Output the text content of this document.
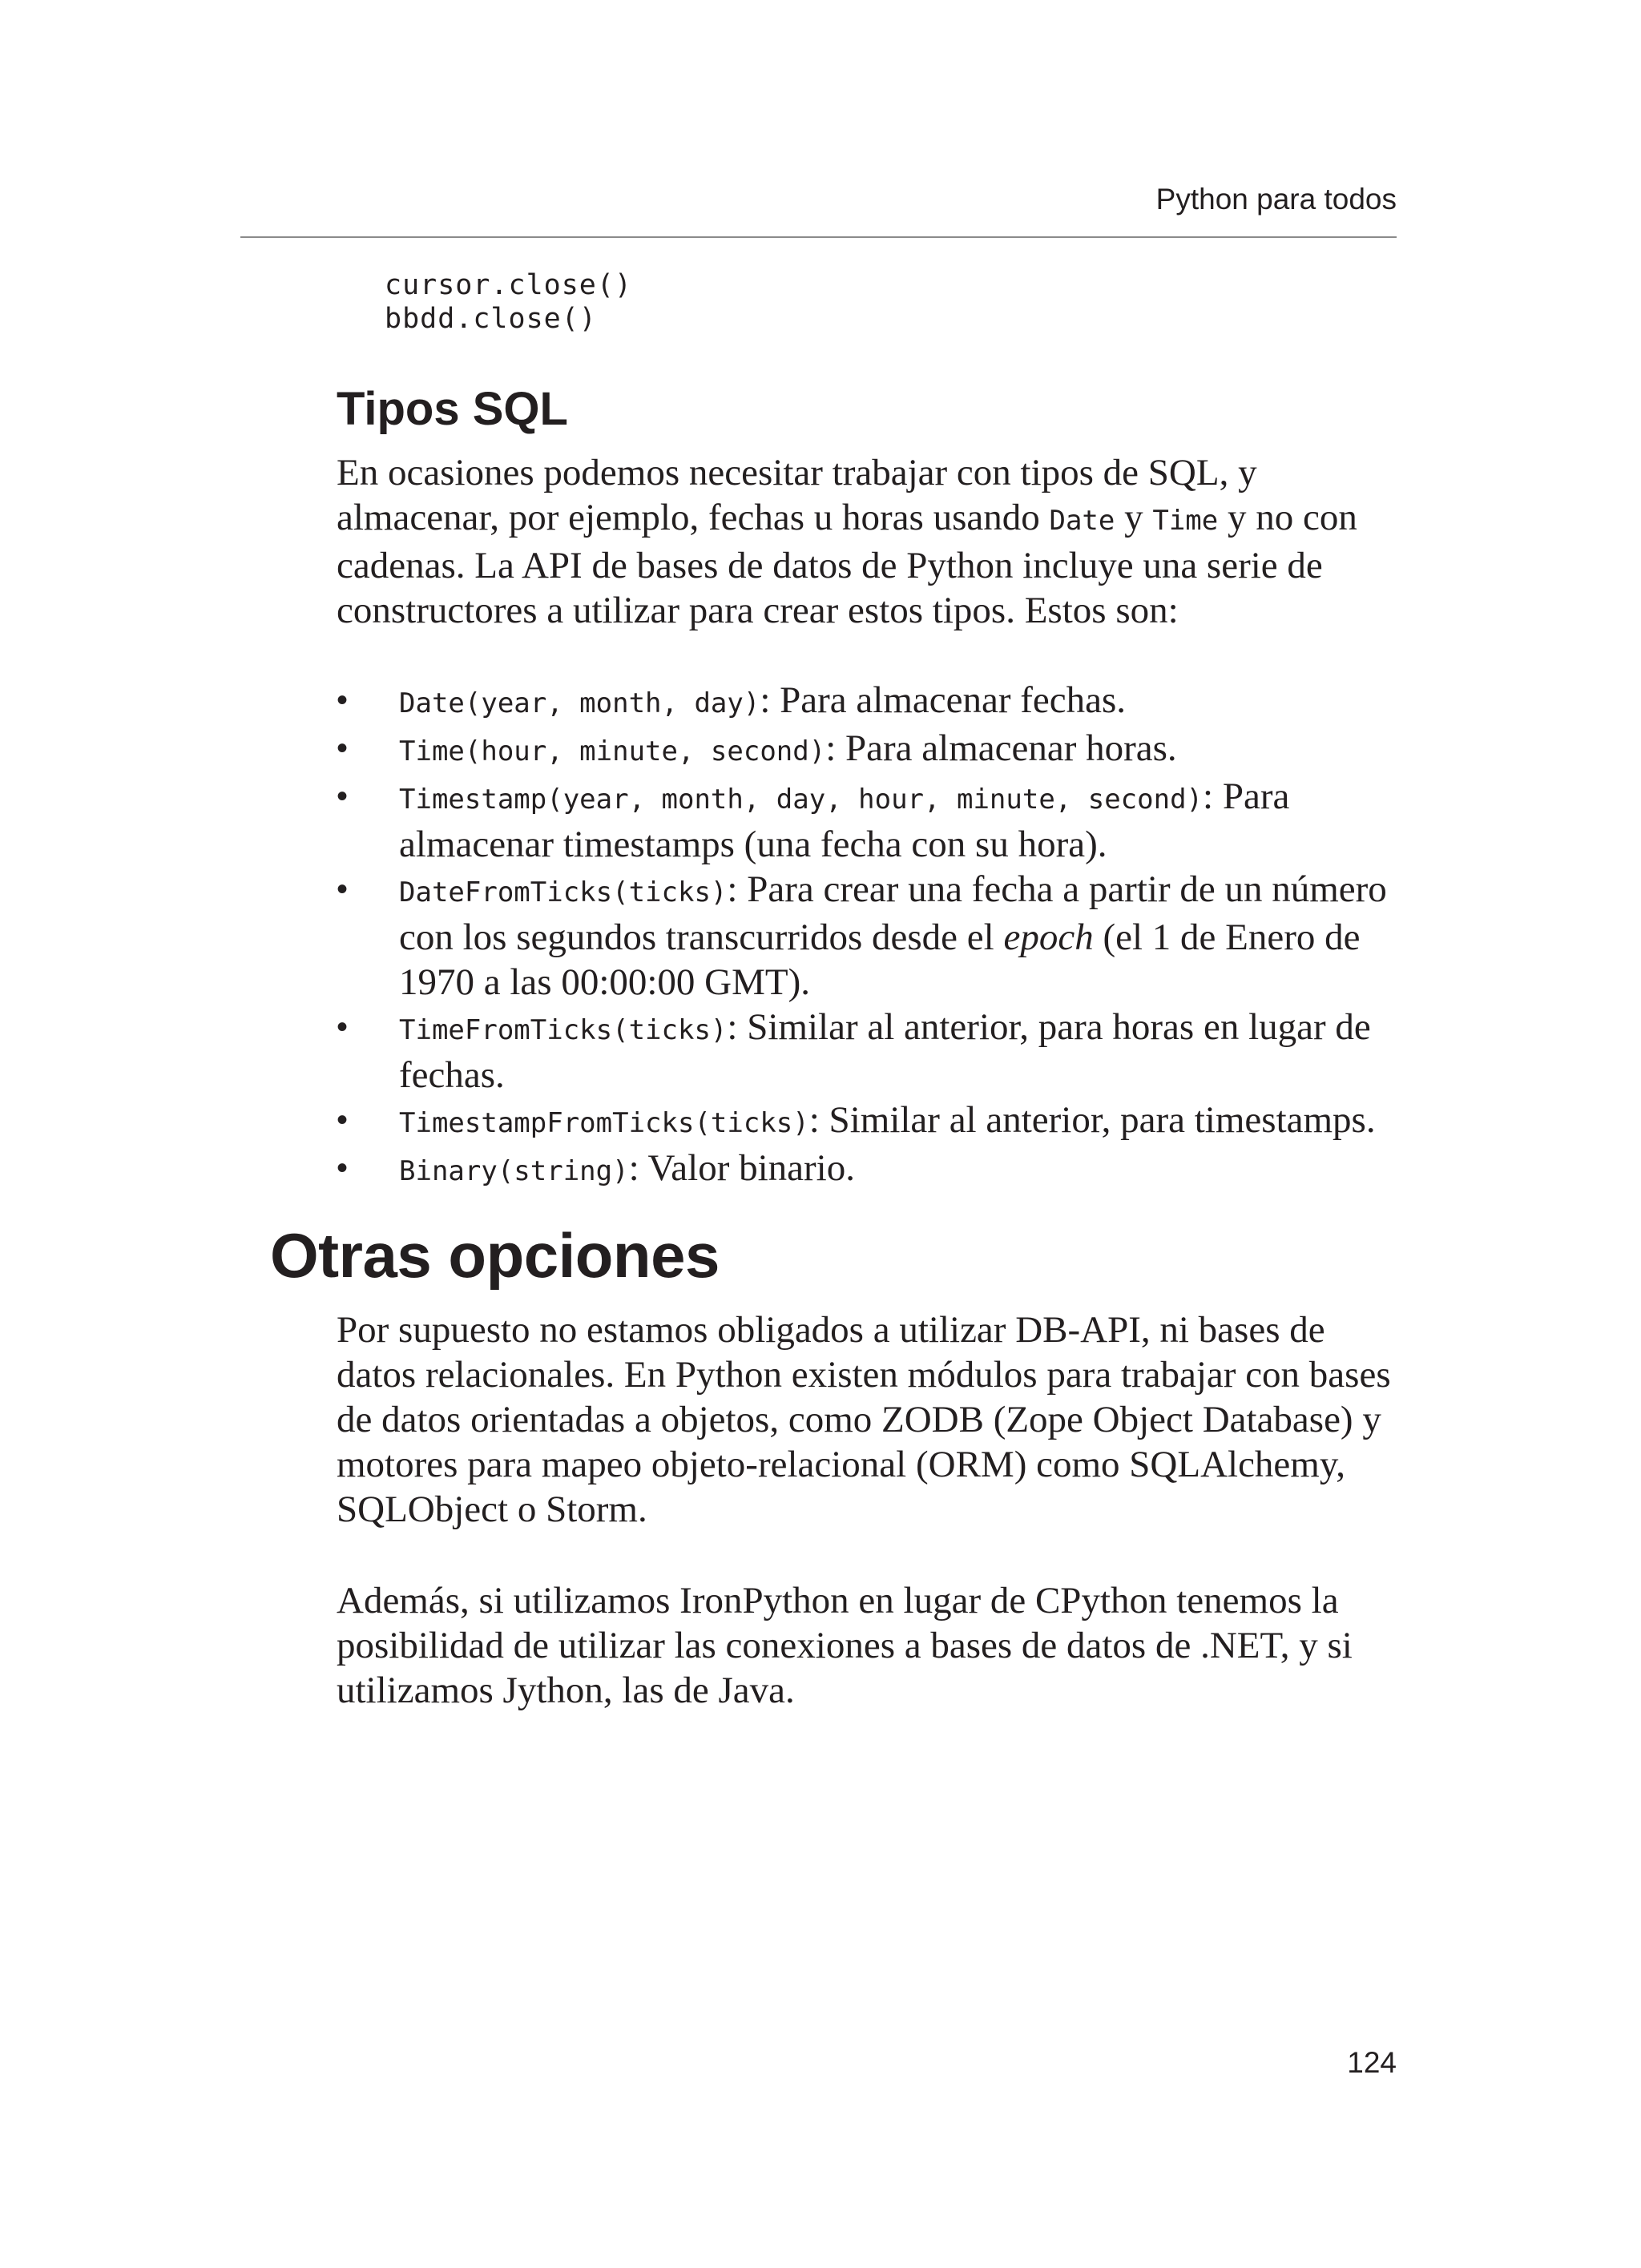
Python para todos
cursor.close()
bbdd.close()
Tipos SQL

En ocasiones podemos necesitar trabajar con tipos de SQL, y almacenar, por ejemplo, fechas u horas usando Date y Time y no con cadenas. La API de bases de datos de Python incluye una serie de constructores a utilizar para crear estos tipos. Estos son:

• Date(year, month, day): Para almacenar fechas.
• Time(hour, minute, second): Para almacenar horas.
• Timestamp(year, month, day, hour, minute, second): Para almacenar timestamps (una fecha con su hora).
• DateFromTicks(ticks): Para crear una fecha a partir de un número con los segundos transcurridos desde el epoch (el 1 de Enero de 1970 a las 00:00:00 GMT).
• TimeFromTicks(ticks): Similar al anterior, para horas en lugar de fechas.
• TimestampFromTicks(ticks): Similar al anterior, para timestamps.
• Binary(string): Valor binario.
Otras opciones

Por supuesto no estamos obligados a utilizar DB-API, ni bases de datos relacionales. En Python existen módulos para trabajar con bases de datos orientadas a objetos, como ZODB (Zope Object Database) y motores para mapeo objeto-relacional (ORM) como SQLAlchemy, SQLObject o Storm.

Además, si utilizamos IronPython en lugar de CPython tenemos la posibilidad de utilizar las conexiones a bases de datos de .NET, y si utilizamos Jython, las de Java.

124
